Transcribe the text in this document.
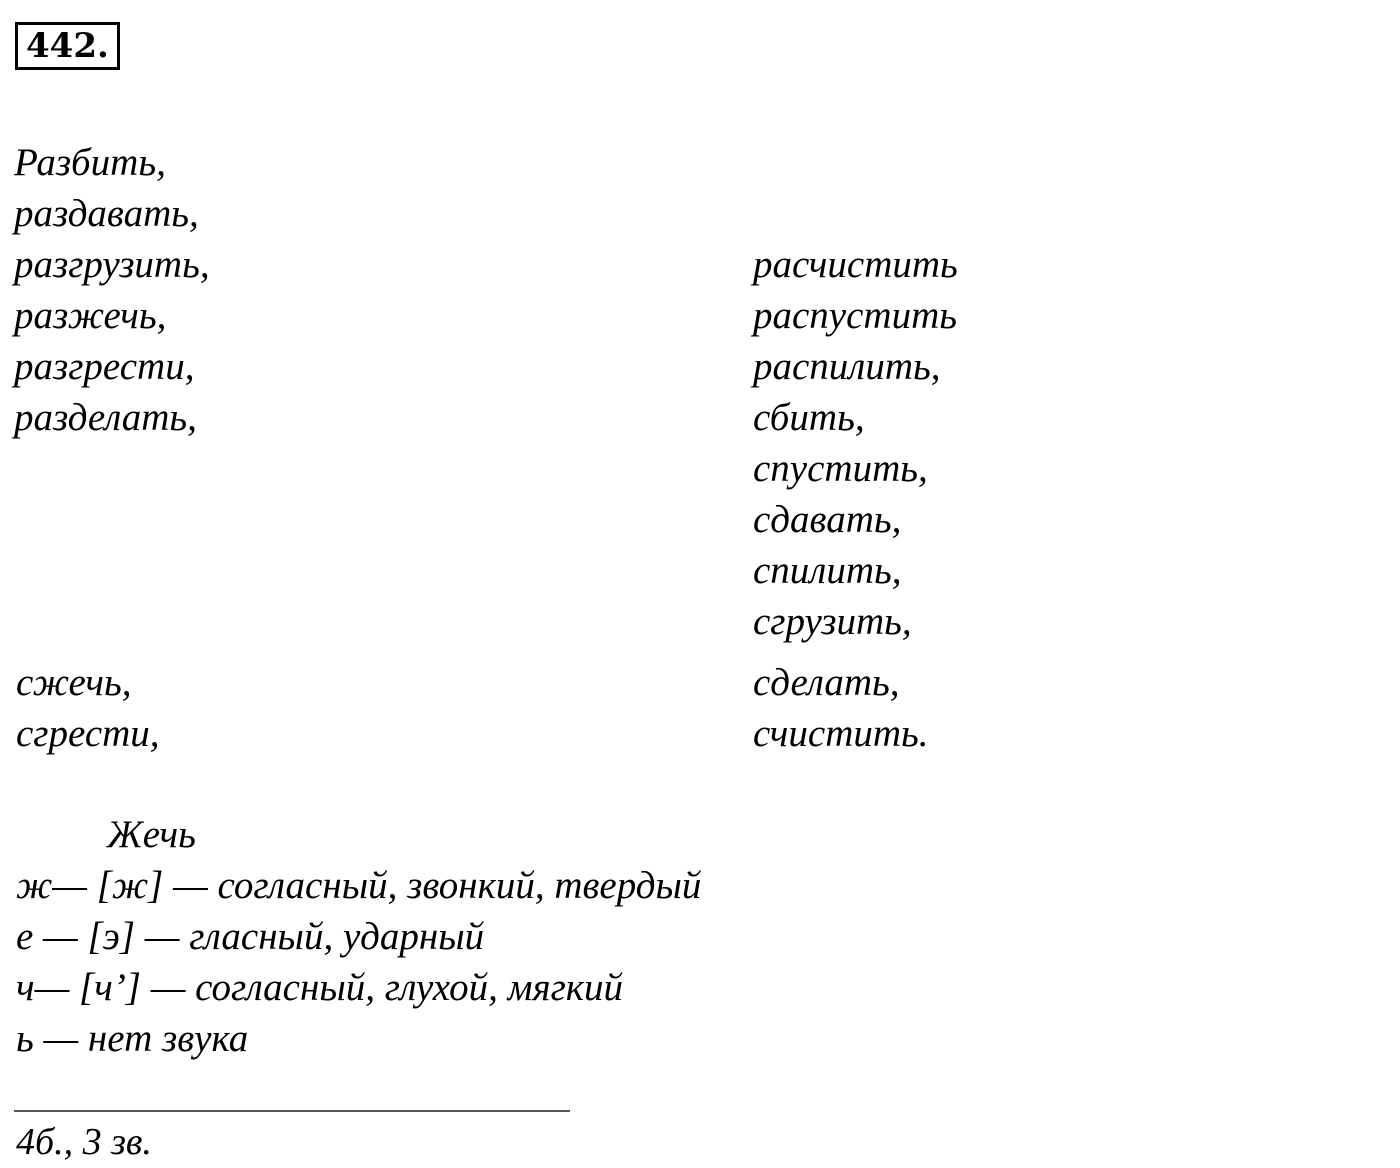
442.
Разбить,
раздавать,
разгрузить,
разжечь,
разгрести,
разделать,
расчистить
распустить
распилить,
сбить,
спустить,
сдавать,
спилить,
сгрузить,
сжечь,
сгрести,
сделать,
счистить.
Жечь
ж— [ж] — согласный, звонкий, твердый
е — [э] — гласный, ударный
ч— [ч’] — согласный, глухой, мягкий
ь — нет звука
4б., 3 зв.
